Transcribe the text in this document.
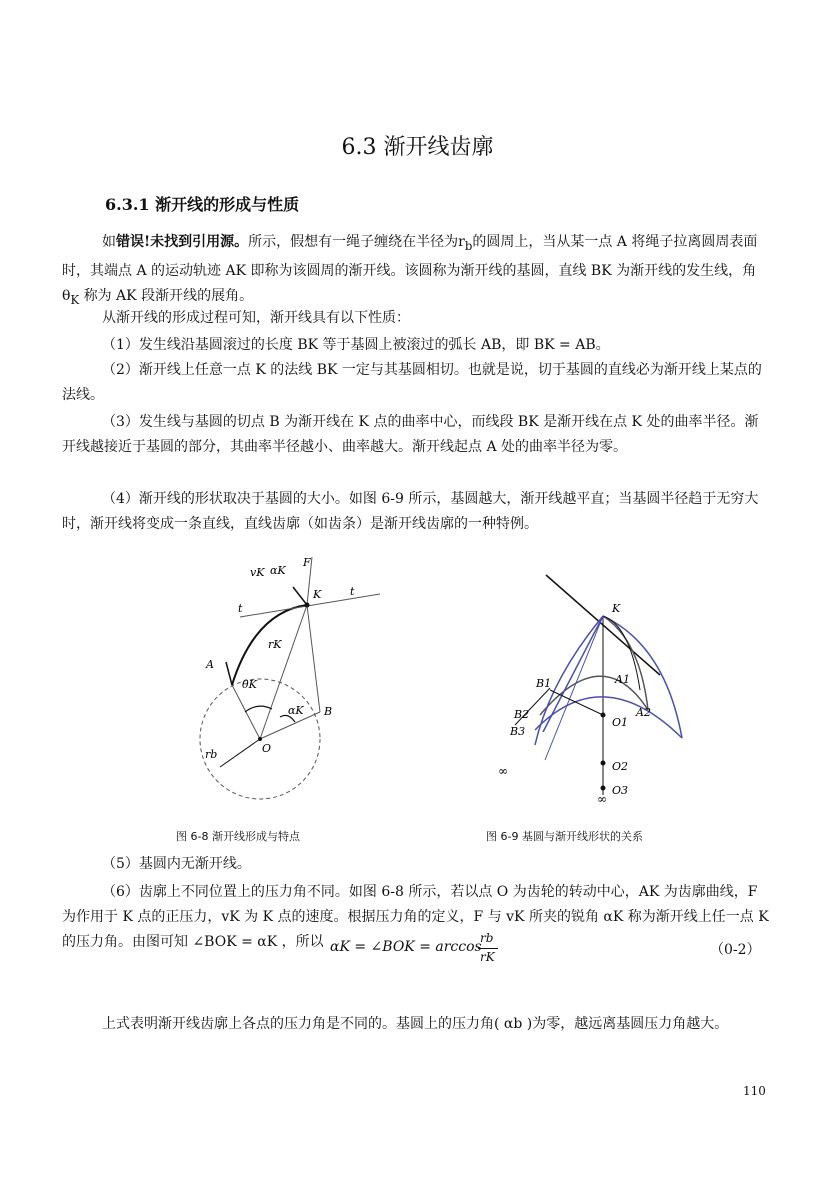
6.3 渐开线齿廓
6.3.1 渐开线的形成与性质
如错误!未找到引用源。所示，假想有一绳子缠绕在半径为$r_b$的圆周上，当从某一点 A 将绳子拉离圆周表面时，其端点 A 的运动轨迹 AK 即称为该圆周的渐开线。该圆称为渐开线的基圆，直线 BK 为渐开线的发生线，角 $\theta_K$ 称为 AK 段渐开线的展角。
从渐开线的形成过程可知，渐开线具有以下性质：
（1）发生线沿基圆滚过的长度 BK 等于基圆上被滚过的弧长 AB，即 BK = AB。
（2）渐开线上任意一点 K 的法线 BK 一定与其基圆相切。也就是说，切于基圆的直线必为渐开线上某点的法线。
（3）发生线与基圆的切点 B 为渐开线在 K 点的曲率中心，而线段 BK 是渐开线在点 K 处的曲率半径。渐开线越接近于基圆的部分，其曲率半径越小、曲率越大。渐开线起点 A 处的曲率半径为零。
（4）渐开线的形状取决于基圆的大小。如图 6-9 所示，基圆越大，渐开线越平直；当基圆半径趋于无穷大时，渐开线将变成一条直线，直线齿廓（如齿条）是渐开线齿廓的一种特例。
vK αK
F
K
t
t
rK
A
θK
αK B
O
rb
K
B1	A1
B2	A2
B3
O1
O2
O3
∞
∞
图 6-8 渐开线形成与特点	图 6-9 基圆与渐开线形状的关系
（5）基圆内无渐开线。
（6）齿廓上不同位置上的压力角不同。如图 6-8 所示，若以点 O 为齿轮的转动中心，AK 为齿廓曲线，F 为作用于 K 点的正压力，vK 为 K 点的速度。根据压力角的定义，F 与 vK 所夹的锐角 αK 称为渐开线上任一点 K 的压力角。由图可知 ∠BOK = αK ，所以 αK = ∠BOK = arccos
rb
rK	（0-2）
上式表明渐开线齿廓上各点的压力角是不同的。基圆上的压力角( αb )为零，越远离基圆压力角越大。
110
